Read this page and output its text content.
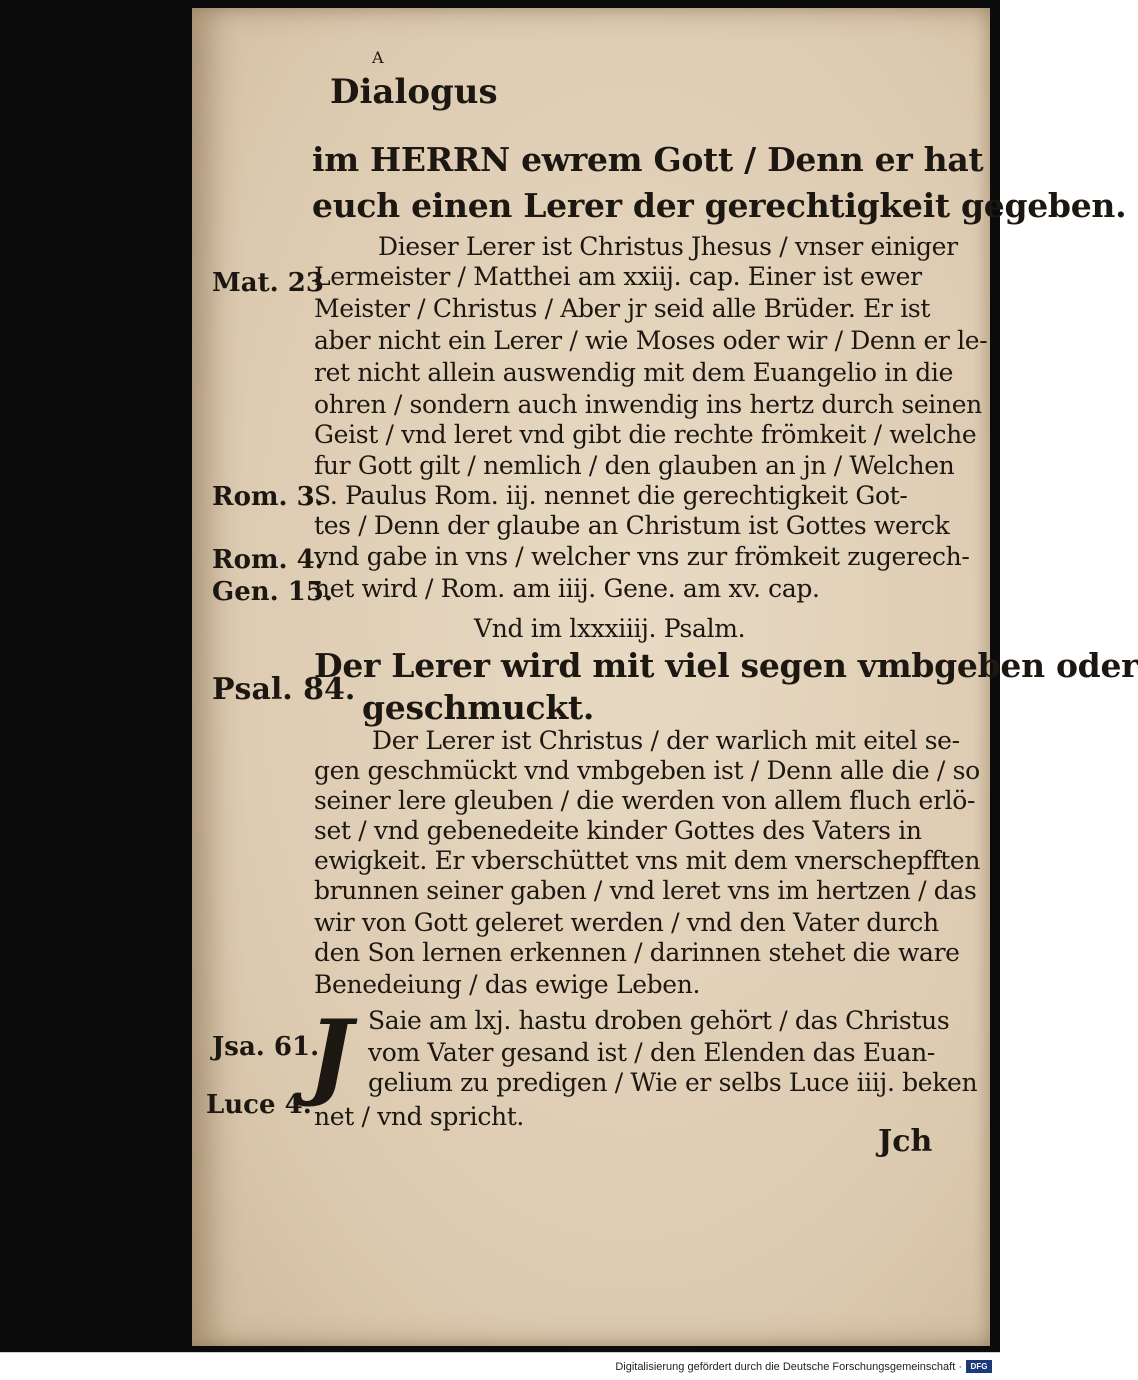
A
Dialogus
im HERRN ewrem Gott / Denn er hat
euch einen Lerer der gerechtigkeit gegeben.
Dieser Lerer ist Christus Jhesus / vnser einiger
Lermeister / Matthei am xxiij. cap. Einer ist ewer
Meister / Christus / Aber jr seid alle Brüder. Er ist
aber nicht ein Lerer / wie Moses oder wir / Denn er le-
ret nicht allein auswendig mit dem Euangelio in die
ohren / sondern auch inwendig ins hertz durch seinen
Geist / vnd leret vnd gibt die rechte frömkeit / welche
fur Gott gilt / nemlich / den glauben an jn / Welchen
S. Paulus Rom. iij. nennet die gerechtigkeit Got-
tes / Denn der glaube an Christum ist Gottes werck
vnd gabe in vns / welcher vns zur frömkeit zugerech-
net wird / Rom. am iiij. Gene. am xv. cap.
Vnd im lxxxiiij. Psalm.
Der Lerer wird mit viel segen vmbgeben oder
geschmuckt.
Der Lerer ist Christus / der warlich mit eitel se-
gen geschmückt vnd vmbgeben ist / Denn alle die / so
seiner lere gleuben / die werden von allem fluch erlö-
set / vnd gebenedeite kinder Gottes des Vaters in
ewigkeit. Er vberschüttet vns mit dem vnerschepfften
brunnen seiner gaben / vnd leret vns im hertzen / das
wir von Gott geleret werden / vnd den Vater durch
den Son lernen erkennen / darinnen stehet die ware
Benedeiung / das ewige Leben.
J Saie am lxj. hastu droben gehört / das Christus
vom Vater gesand ist / den Elenden das Euan-
gelium zu predigen / Wie er selbs Luce iiij. beken
net / vnd spricht.
Jch
Mat. 23
Rom. 3.
Rom. 4.
Gen. 15.
Psal. 84.
Jsa. 61.
Luce 4.
Digitalisierung gefördert durch die Deutsche Forschungsgemeinschaft ·	DFG
